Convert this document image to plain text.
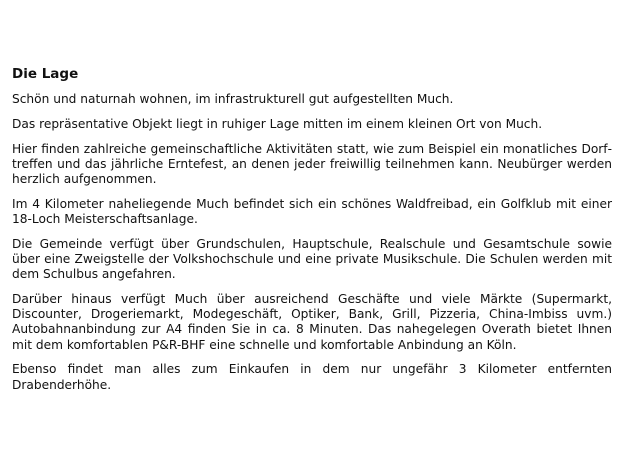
Die Lage

Schön und naturnah wohnen, im infrastrukturell gut aufgestellten Much.

Das repräsentative Objekt liegt in ruhiger Lage mitten im einem kleinen Ort von Much.

Hier finden zahlreiche gemeinschaftliche Aktivitäten statt, wie zum Beispiel ein monatliches Dorftreffen und das jährliche Erntefest, an denen jeder freiwillig teilnehmen kann. Neubürger werden herzlich aufgenommen.

Im 4 Kilometer naheliegende Much befindet sich ein schönes Waldfreibad, ein Golfklub mit einer 18-Loch Meisterschaftsanlage.

Die Gemeinde verfügt über Grundschulen, Hauptschule, Realschule und Gesamtschule sowie über eine Zweigstelle der Volkshochschule und eine private Musikschule. Die Schulen werden mit dem Schulbus angefahren.

Darüber hinaus verfügt Much über ausreichend Geschäfte und viele Märkte (Supermarkt, Discounter, Drogeriemarkt, Modegeschäft, Optiker, Bank, Grill, Pizzeria, China-Imbiss uvm.) Autobahnanbindung zur A4 finden Sie in ca. 8 Minuten. Das nahegelegen Overath bietet Ihnen mit dem komfortablen P&R-BHF eine schnelle und komfortable Anbindung an Köln.

Ebenso findet man alles zum Einkaufen in dem nur ungefähr 3 Kilometer entfernten Drabenderhöhe.
